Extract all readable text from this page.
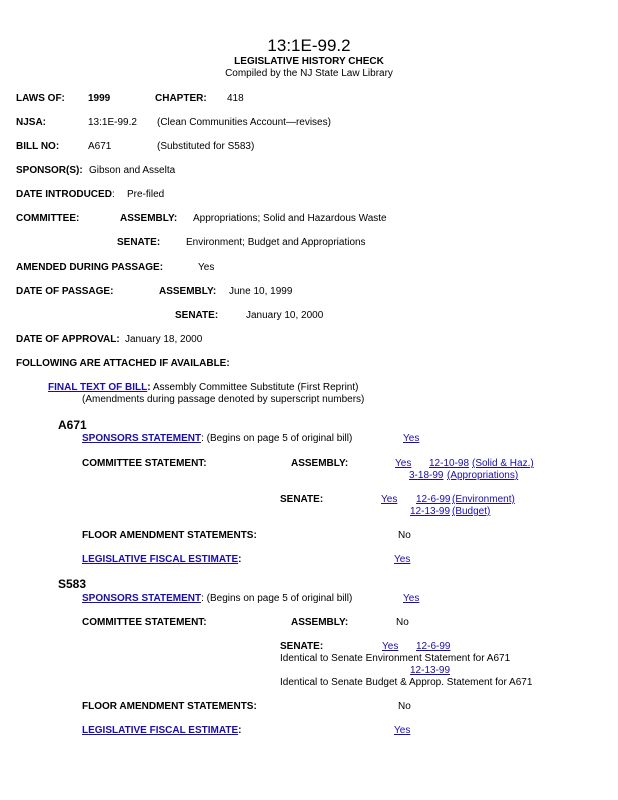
13:1E-99.2
LEGISLATIVE HISTORY CHECK
Compiled by the NJ State Law Library
LAWS OF: 1999	CHAPTER: 418
NJSA:	13:1E-99.2 (Clean Communities Account—revises)
BILL NO:	A671	(Substituted for S583)
SPONSOR(S): Gibson and Asselta
DATE INTRODUCED: Pre-filed
COMMITTEE:	ASSEMBLY: Appropriations; Solid and Hazardous Waste
SENATE:	Environment; Budget and Appropriations
AMENDED DURING PASSAGE:	Yes
DATE OF PASSAGE:	ASSEMBLY: June 10, 1999
SENATE:	January 10, 2000
DATE OF APPROVAL: January 18, 2000
FOLLOWING ARE ATTACHED IF AVAILABLE:
FINAL TEXT OF BILL: Assembly Committee Substitute (First Reprint)
(Amendments during passage denoted by superscript numbers)
A671
SPONSORS STATEMENT: (Begins on page 5 of original bill)	Yes
COMMITTEE STATEMENT:	ASSEMBLY:	Yes 12-10-98 (Solid & Haz.)
3-18-99 (Appropriations)
SENATE:	Yes 12-6-99 (Environment)
12-13-99 (Budget)
FLOOR AMENDMENT STATEMENTS:	No
LEGISLATIVE FISCAL ESTIMATE:	Yes
S583
SPONSORS STATEMENT: (Begins on page 5 of original bill)	Yes
COMMITTEE STATEMENT:	ASSEMBLY:	No
SENATE:	Yes 12-6-99
Identical to Senate Environment Statement for A671
12-13-99
Identical to Senate Budget & Approp. Statement for A671
FLOOR AMENDMENT STATEMENTS:	No
LEGISLATIVE FISCAL ESTIMATE:	Yes
